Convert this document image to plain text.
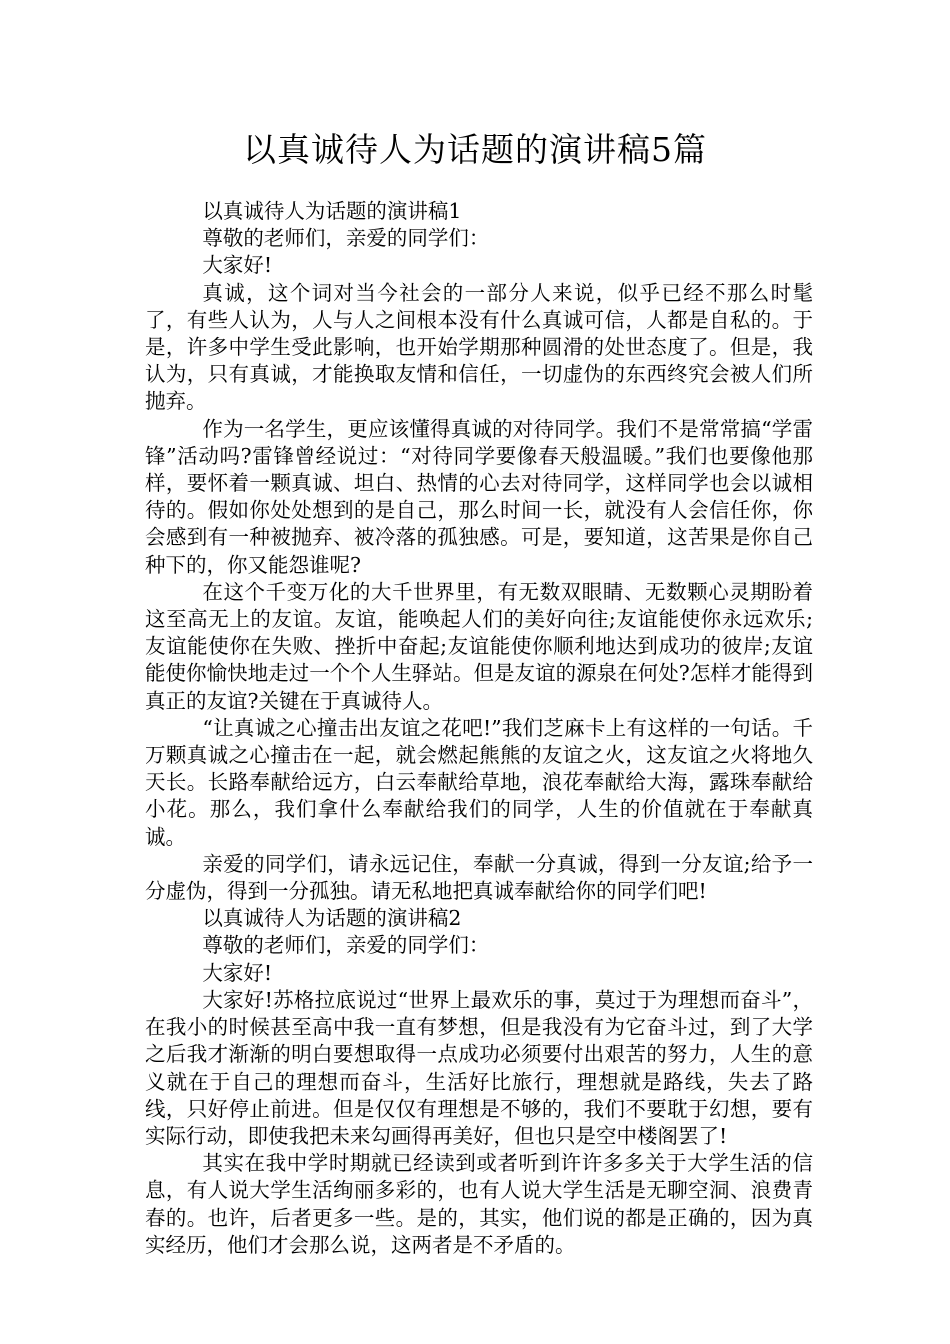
以真诚待人为话题的演讲稿5篇

以真诚待人为话题的演讲稿1

尊敬的老师们，亲爱的同学们：

大家好!

真诚，这个词对当今社会的一部分人来说，似乎已经不那么时髦了，有些人认为，人与人之间根本没有什么真诚可信，人都是自私的。于是，许多中学生受此影响，也开始学期那种圆滑的处世态度了。但是，我认为，只有真诚，才能换取友情和信任，一切虚伪的东西终究会被人们所抛弃。

作为一名学生，更应该懂得真诚的对待同学。我们不是常常搞“学雷锋”活动吗?雷锋曾经说过：“对待同学要像春天般温暖。”我们也要像他那样，要怀着一颗真诚、坦白、热情的心去对待同学，这样同学也会以诚相待的。假如你处处想到的是自己，那么时间一长，就没有人会信任你，你会感到有一种被抛弃、被冷落的孤独感。可是，要知道，这苦果是你自己种下的，你又能怨谁呢?

在这个千变万化的大千世界里，有无数双眼睛、无数颗心灵期盼着这至高无上的友谊。友谊，能唤起人们的美好向往;友谊能使你永远欢乐;友谊能使你在失败、挫折中奋起;友谊能使你顺利地达到成功的彼岸;友谊能使你愉快地走过一个个人生驿站。但是友谊的源泉在何处?怎样才能得到真正的友谊?关键在于真诚待人。

“让真诚之心撞击出友谊之花吧!”我们芝麻卡上有这样的一句话。千万颗真诚之心撞击在一起，就会燃起熊熊的友谊之火，这友谊之火将地久天长。长路奉献给远方，白云奉献给草地，浪花奉献给大海，露珠奉献给小花。那么，我们拿什么奉献给我们的同学，人生的价值就在于奉献真诚。

亲爱的同学们，请永远记住，奉献一分真诚，得到一分友谊;给予一分虚伪，得到一分孤独。请无私地把真诚奉献给你的同学们吧!

以真诚待人为话题的演讲稿2

尊敬的老师们，亲爱的同学们：

大家好!

大家好!苏格拉底说过“世界上最欢乐的事，莫过于为理想而奋斗”，在我小的时候甚至高中我一直有梦想，但是我没有为它奋斗过，到了大学之后我才渐渐的明白要想取得一点成功必须要付出艰苦的努力，人生的意义就在于自己的理想而奋斗，生活好比旅行，理想就是路线，失去了路线，只好停止前进。但是仅仅有理想是不够的，我们不要耽于幻想，要有实际行动，即使我把未来勾画得再美好，但也只是空中楼阁罢了!

其实在我中学时期就已经读到或者听到许许多多关于大学生活的信息，有人说大学生活绚丽多彩的，也有人说大学生活是无聊空洞、浪费青春的。也许，后者更多一些。是的，其实，他们说的都是正确的，因为真实经历，他们才会那么说，这两者是不矛盾的。
